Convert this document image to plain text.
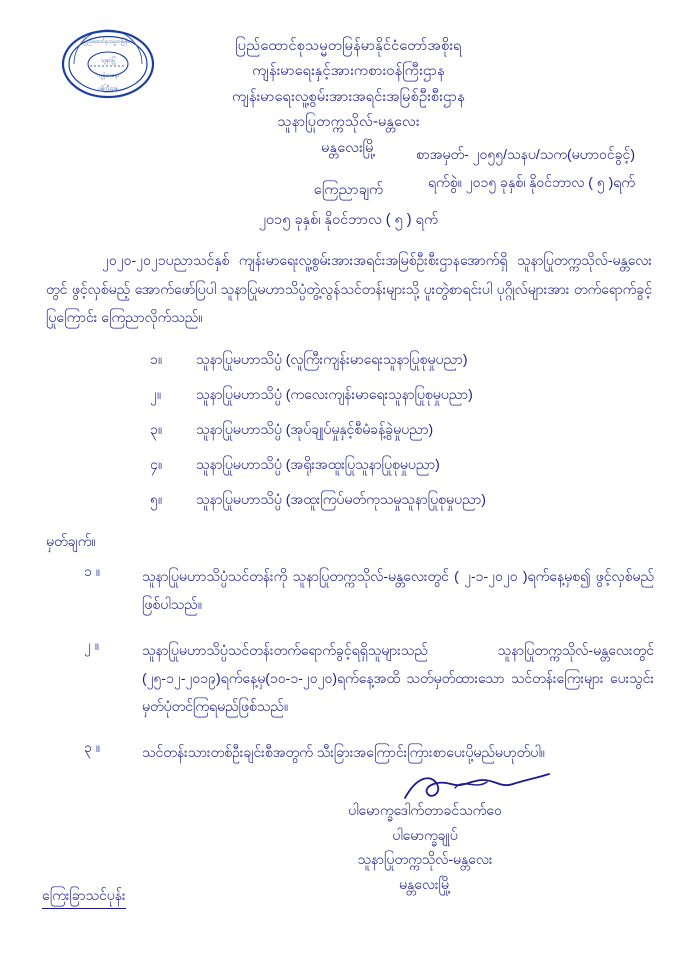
ပြည်ထောင်စုသမ္မတမြန်မာ
သူနာပြု
ကျန်းမာရေး
ဝန်ကြီးဌာန
ပြည်ထောင်စုသမ္မတမြန်မာနိုင်ငံတော်အစိုးရ
ကျန်းမာရေးနှင့်အားကစားဝန်ကြီးဌာန
ကျန်းမာရေးလူ့စွမ်းအားအရင်းအမြစ်ဦးစီးဌာန
သူနာပြုတက္ကသိုလ်-မန္တလေး
မန္တလေးမြို့	စာအမှတ်- ၂၀၅၅/သနပ/သက(မဟာဝင်ခွင့်)
ရက်စွဲ။ ၂၀၁၅ ခုနှစ်၊ နိုဝင်ဘာလ ( ၅ )ရက်
ကြေညာချက်
၂၀၁၅ ခုနှစ်၊ နိုဝင်ဘာလ ( ၅ ) ရက်
၂၀၂၀-၂၀၂၁ပညာသင်နှစ် ကျန်းမာရေးလူ့စွမ်းအားအရင်းအမြစ်ဦးစီးဌာနအောက်ရှိ သူနာပြုတက္ကသိုလ်-မန္တလေးတွင် ဖွင့်လှစ်မည့် အောက်ဖော်ပြပါ သူနာပြုမဟာသိပ္ပံတွဲ့လွန်သင်တန်းများသို့ ပူးတွဲစာရင်းပါ ပုဂ္ဂိုလ်များအား တက်ရောက်ခွင့်ပြုကြောင်း ကြေညာလိုက်သည်။
၁။	သူနာပြုမဟာသိပ္ပံ (လူကြီးကျန်းမာရေးသူနာပြုစုမှုပညာ)
၂။	သူနာပြုမဟာသိပ္ပံ (ကလေးကျန်းမာရေးသူနာပြုစုမှုပညာ)
၃။	သူနာပြုမဟာသိပ္ပံ (အုပ်ချုပ်မှုနှင့်စီမံခန့်ခွဲမှုပညာ)
၄။	သူနာပြုမဟာသိပ္ပံ (အရိုးအထူးပြုသူနာပြုစုမှုပညာ)
၅။	သူနာပြုမဟာသိပ္ပံ (အထူးကြပ်မတ်ကုသမှုသူနာပြုစုမှုပညာ)
မှတ်ချက်။
၁ ။	သူနာပြုမဟာသိပ္ပံသင်တန်းကို သူနာပြုတက္ကသိုလ်-မန္တလေးတွင် ( ၂-၁-၂၀၂၀ )ရက်နေ့မှစ၍ ဖွင့်လှစ်မည်ဖြစ်ပါသည်။
၂ ။	သူနာပြုမဟာသိပ္ပံသင်တန်းတက်ရောက်ခွင့်ရရှိသူများသည် သူနာပြုတက္ကသိုလ်-မန္တလေးတွင် (၂၅-၁၂-၂၀၁၉)ရက်နေ့မှ(၁၀-၁-၂၀၂၀)ရက်နေ့အထိ သတ်မှတ်ထားသော သင်တန်းကြေးများ ပေးသွင်းမှတ်ပုံတင်ကြရမည်ဖြစ်သည်။
၃ ။	သင်တန်းသားတစ်ဦးချင်းစီအတွက် သီးခြားအကြောင်းကြားစာပေးပို့မည်မဟုတ်ပါ။
ပါမောက္ခဒေါက်တာခင်သက်ဝေ
ပါမောက္ခချုပ်
သူနာပြုတက္ကသိုလ်-မန္တလေး
မန္တလေးမြို့
ကြေးခြာသင်ပုန်း
